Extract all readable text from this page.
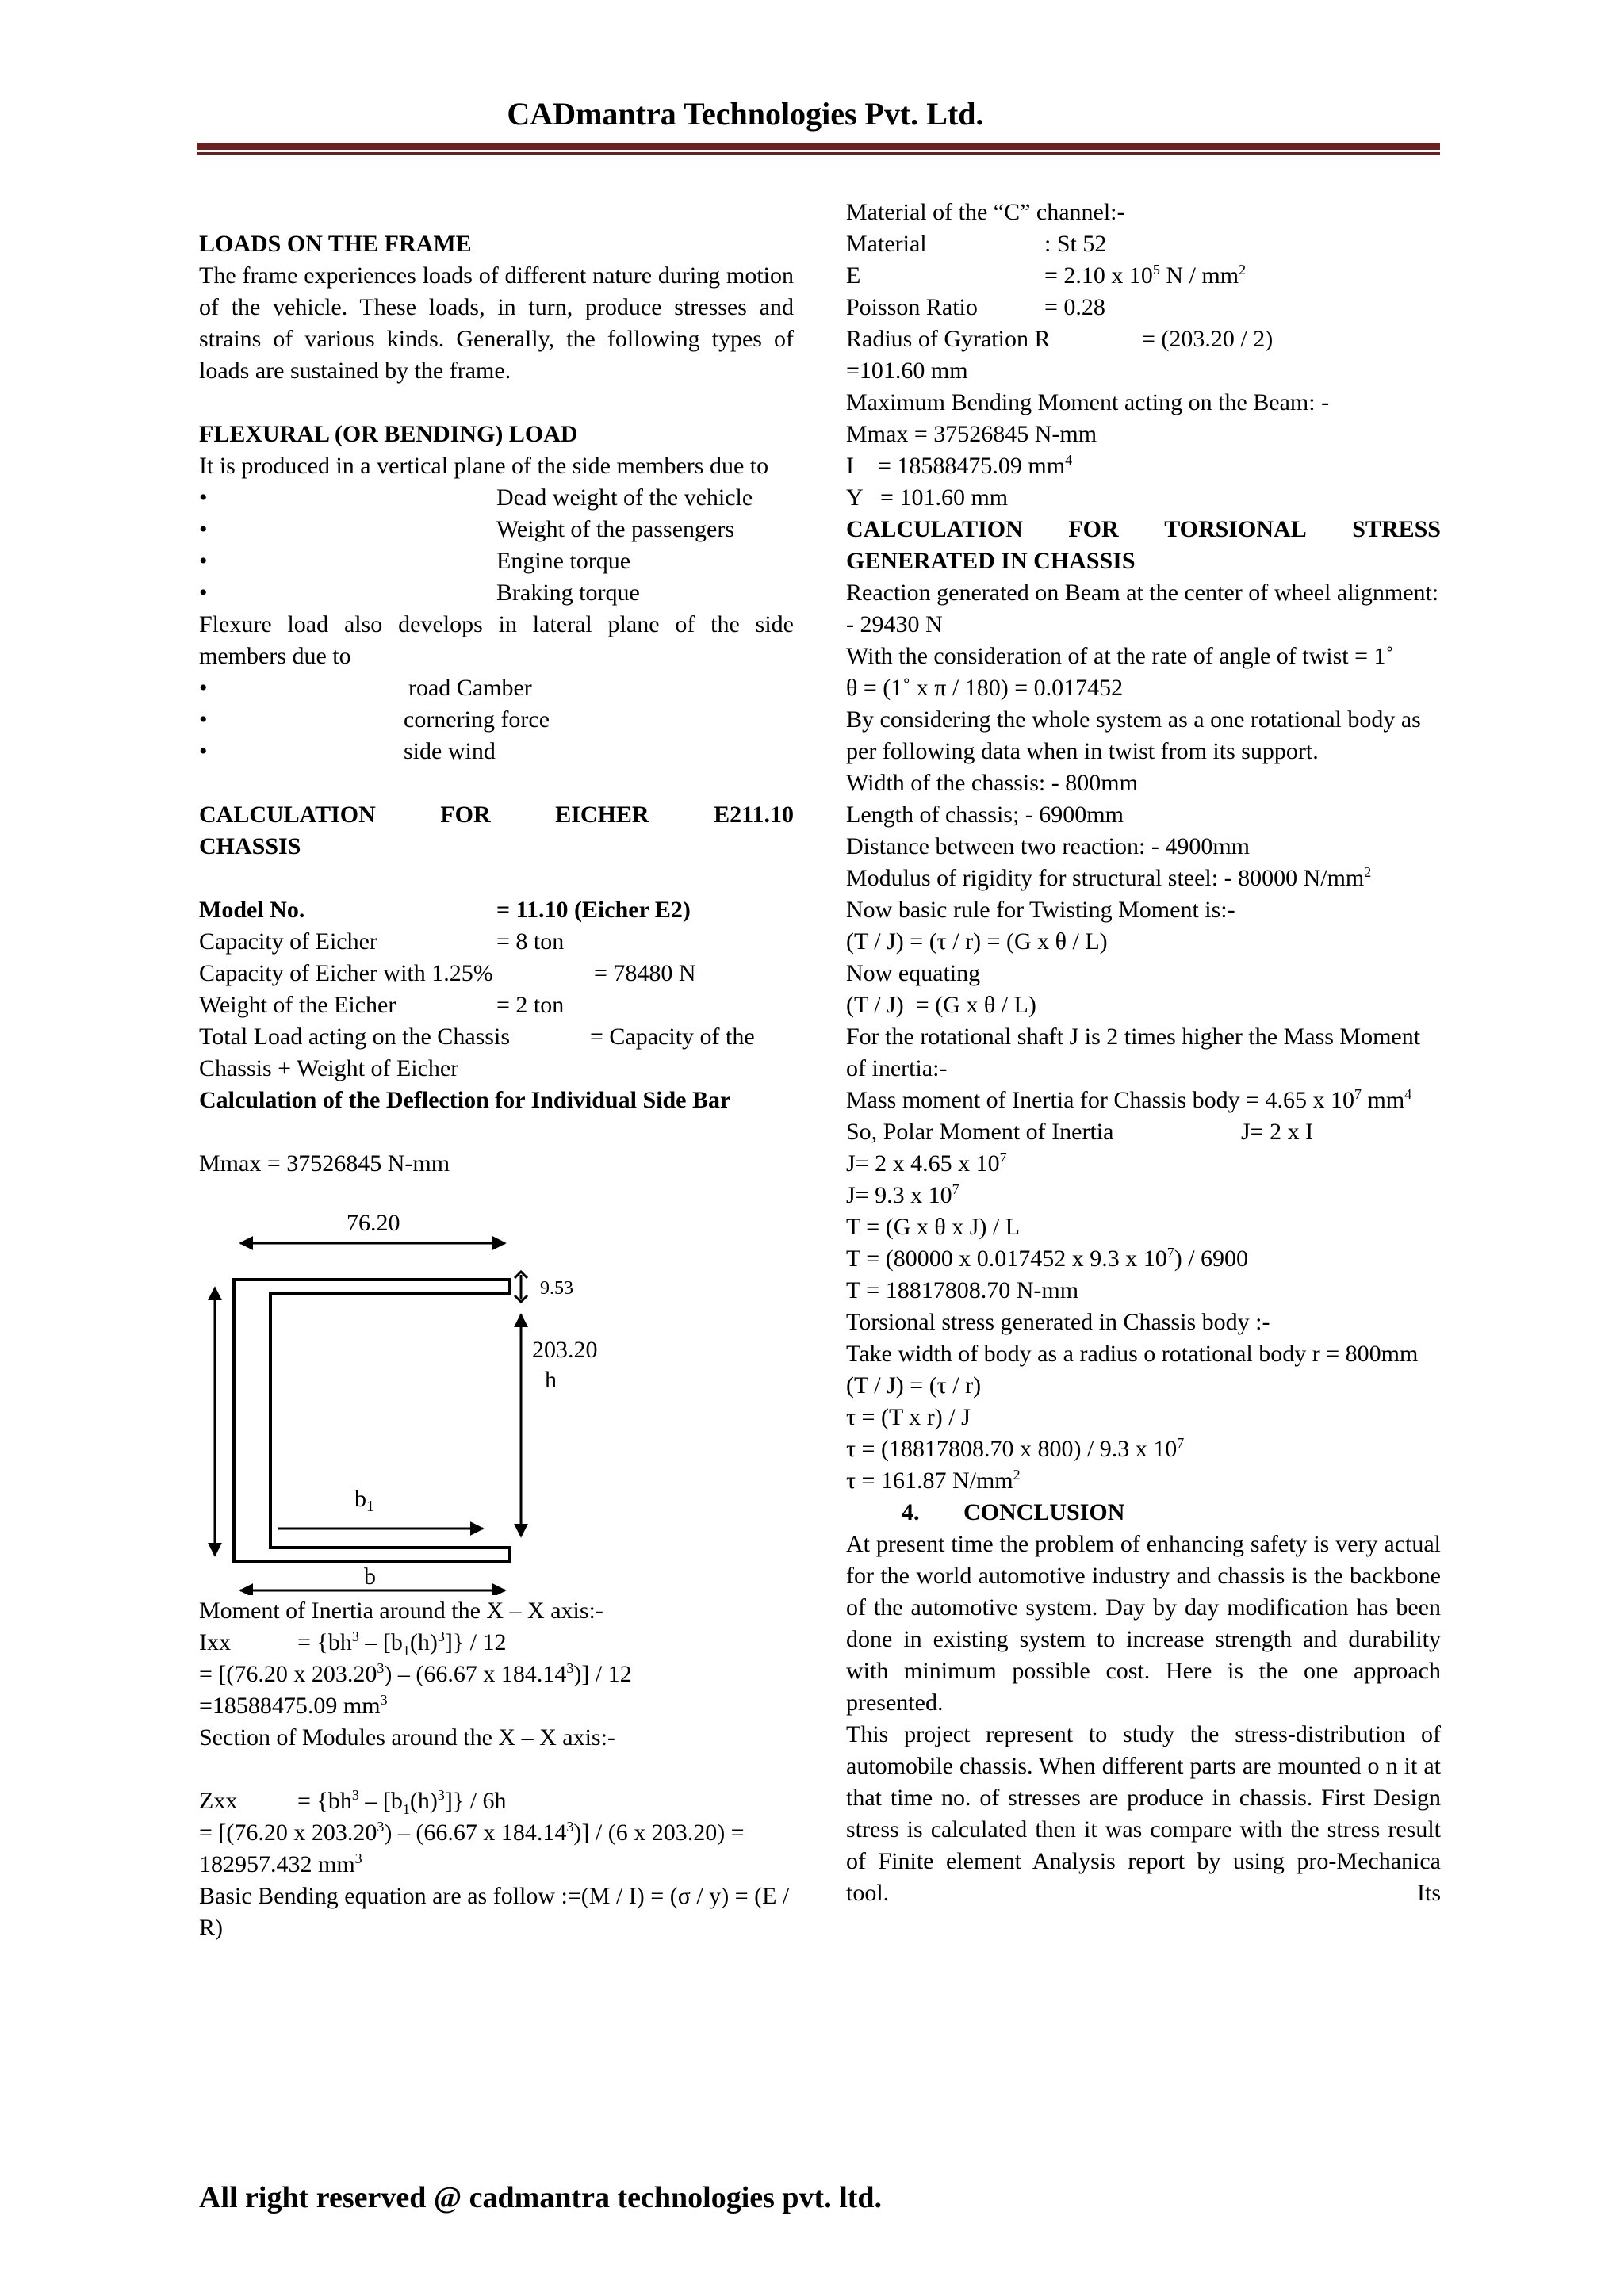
CADmantra Technologies Pvt. Ltd.

LOADS ON THE FRAME

The frame experiences loads of different nature during motion of the vehicle. These loads, in turn, produce stresses and strains of various kinds. Generally, the following types of loads are sustained by the frame.

FLEXURAL (OR BENDING) LOAD

It is produced in a vertical plane of the side members due to

•	Dead weight of the vehicle
•	Weight of the passengers
•	Engine torque
•	Braking torque

Flexure load also develops in lateral plane of the side members due to

•	road Camber
•	cornering force
•	side wind
CALCULATION	FOR	EICHER	E211.10
CHASSIS
Model No.	= 11.10 (Eicher E2)
Capacity of Eicher	= 8 ton
Capacity of Eicher with 1.25%	= 78480 N
Weight of the Eicher	= 2 ton
Total Load acting on the Chassis	= Capacity of the

Chassis + Weight of Eicher

Calculation of the Deflection for Individual Side Bar

Mmax = 37526845 N-mm

76.20
9.53
203.20
h
$b_1$
b

Moment of Inertia around the X – X axis:-

Ixx	= $\{bh^3 - [b_1(h)^3]\} / 12$

= [(76.20 x 203.20$^3$) – (66.67 x 184.14$^3$)] / 12

=18588475.09 $mm^3$

Section of Modules around the X – X axis:-

Zxx	= $\{bh^3 - [b_1(h)^3]\} / 6h$

= [(76.20 x 203.20$^3$) – (66.67 x 184.14$^3$)] / (6 x 203.20) = 182957.432 $mm^3$

Basic Bending equation are as follow :=(M / I) = (σ / y) = (E / R)

Material of the “C” channel:-

Material	: St 52
E	= 2.10 x $10^5$ N / $mm^2$
Poisson Ratio	= 0.28
Radius of Gyration R	= (203.20 / 2)

=101.60 mm

Maximum Bending Moment acting on the Beam: -

Mmax = 37526845 N-mm

I    = 18588475.09 $mm^4$

Y   = 101.60 mm

CALCULATION FOR TORSIONAL STRESS
GENERATED IN CHASSIS

Reaction generated on Beam at the center of wheel alignment: - 29430 N

With the consideration of at the rate of angle of twist = 1˚

θ = (1˚ x π / 180) = 0.017452

By considering the whole system as a one rotational body as per following data when in twist from its support.

Width of the chassis: - 800mm

Length of chassis; - 6900mm

Distance between two reaction: - 4900mm

Modulus of rigidity for structural steel: - 80000 $N/mm^2$

Now basic rule for Twisting Moment is:-

(T / J) = (τ / r) = (G x θ / L)

Now equating

(T / J)  = (G x θ / L)

For the rotational shaft J is 2 times higher the Mass Moment of inertia:-

Mass moment of Inertia for Chassis body = 4.65 x $10^7$ $mm^4$

So, Polar Moment of Inertia	J= 2 x I

J= 2 x 4.65 x $10^7$

J= 9.3 x $10^7$

T = (G x θ x J) / L

T = (80000 x 0.017452 x 9.3 x $10^7) / 6900$

T = 18817808.70 N-mm

Torsional stress generated in Chassis body :-

Take width of body as a radius o rotational body r = 800mm

(T / J) = (τ / r)

τ = (T x r) / J

τ = (18817808.70 x 800) / 9.3 x $10^7$

τ = 161.87 $N/mm^2$

4.	CONCLUSION

At present time the problem of enhancing safety is very actual for the world automotive industry and chassis is the backbone of the automotive system. Day by day modification has been done in existing system to increase strength and durability with minimum possible cost. Here is the one approach presented.

This project represent to study the stress-distribution of automobile chassis. When different parts are mounted o n it at that time no. of stresses are produce in chassis. First Design stress is calculated then it was compare with the stress result of Finite element Analysis report by using pro-Mechanica tool. Its

All right reserved @ cadmantra technologies pvt. ltd.
